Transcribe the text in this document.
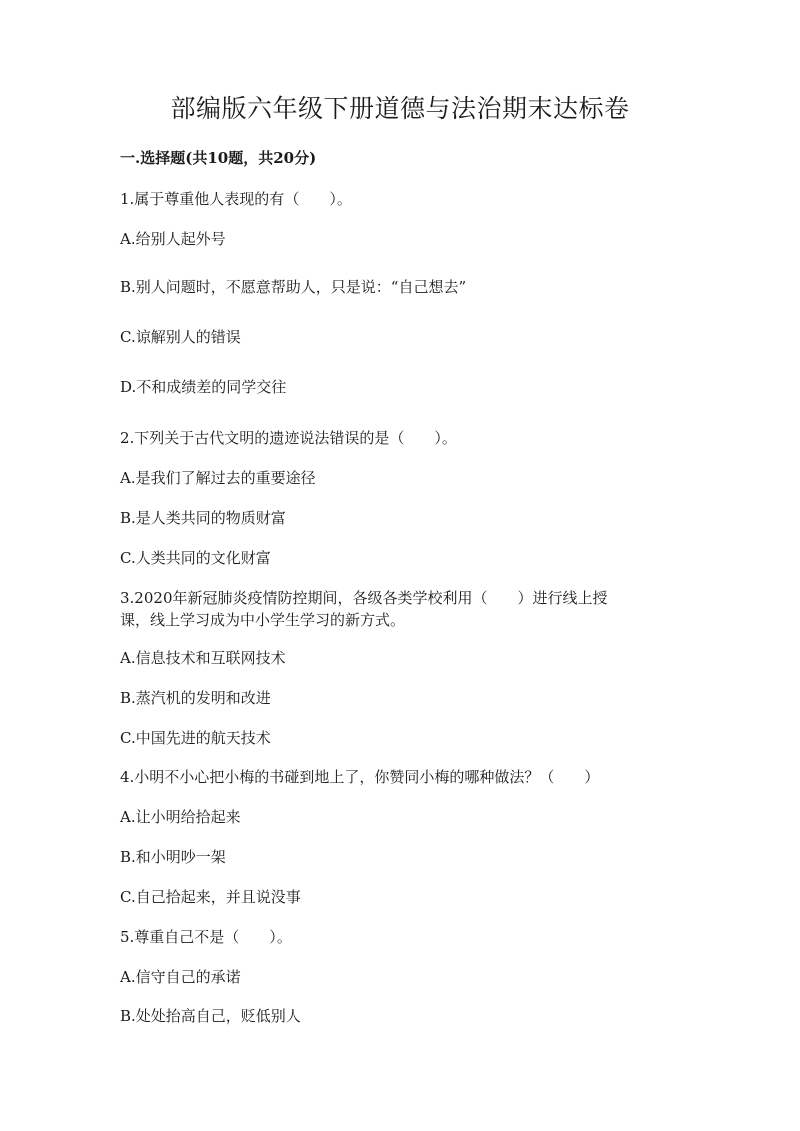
部编版六年级下册道德与法治期末达标卷
一.选择题(共10题，共20分)
1.属于尊重他人表现的有（　　）。
A.给别人起外号
B.别人问题时，不愿意帮助人，只是说：“自己想去”
C.谅解别人的错误
D.不和成绩差的同学交往
2.下列关于古代文明的遗迹说法错误的是（　　）。
A.是我们了解过去的重要途径
B.是人类共同的物质财富
C.人类共同的文化财富
3.2020年新冠肺炎疫情防控期间，各级各类学校利用（　　）进行线上授
课，线上学习成为中小学生学习的新方式。
A.信息技术和互联网技术
B.蒸汽机的发明和改进
C.中国先进的航天技术
4.小明不小心把小梅的书碰到地上了，你赞同小梅的哪种做法？（　　）
A.让小明给拾起来
B.和小明吵一架
C.自己拾起来，并且说没事
5.尊重自己不是（　　）。
A.信守自己的承诺
B.处处抬高自己，贬低别人
